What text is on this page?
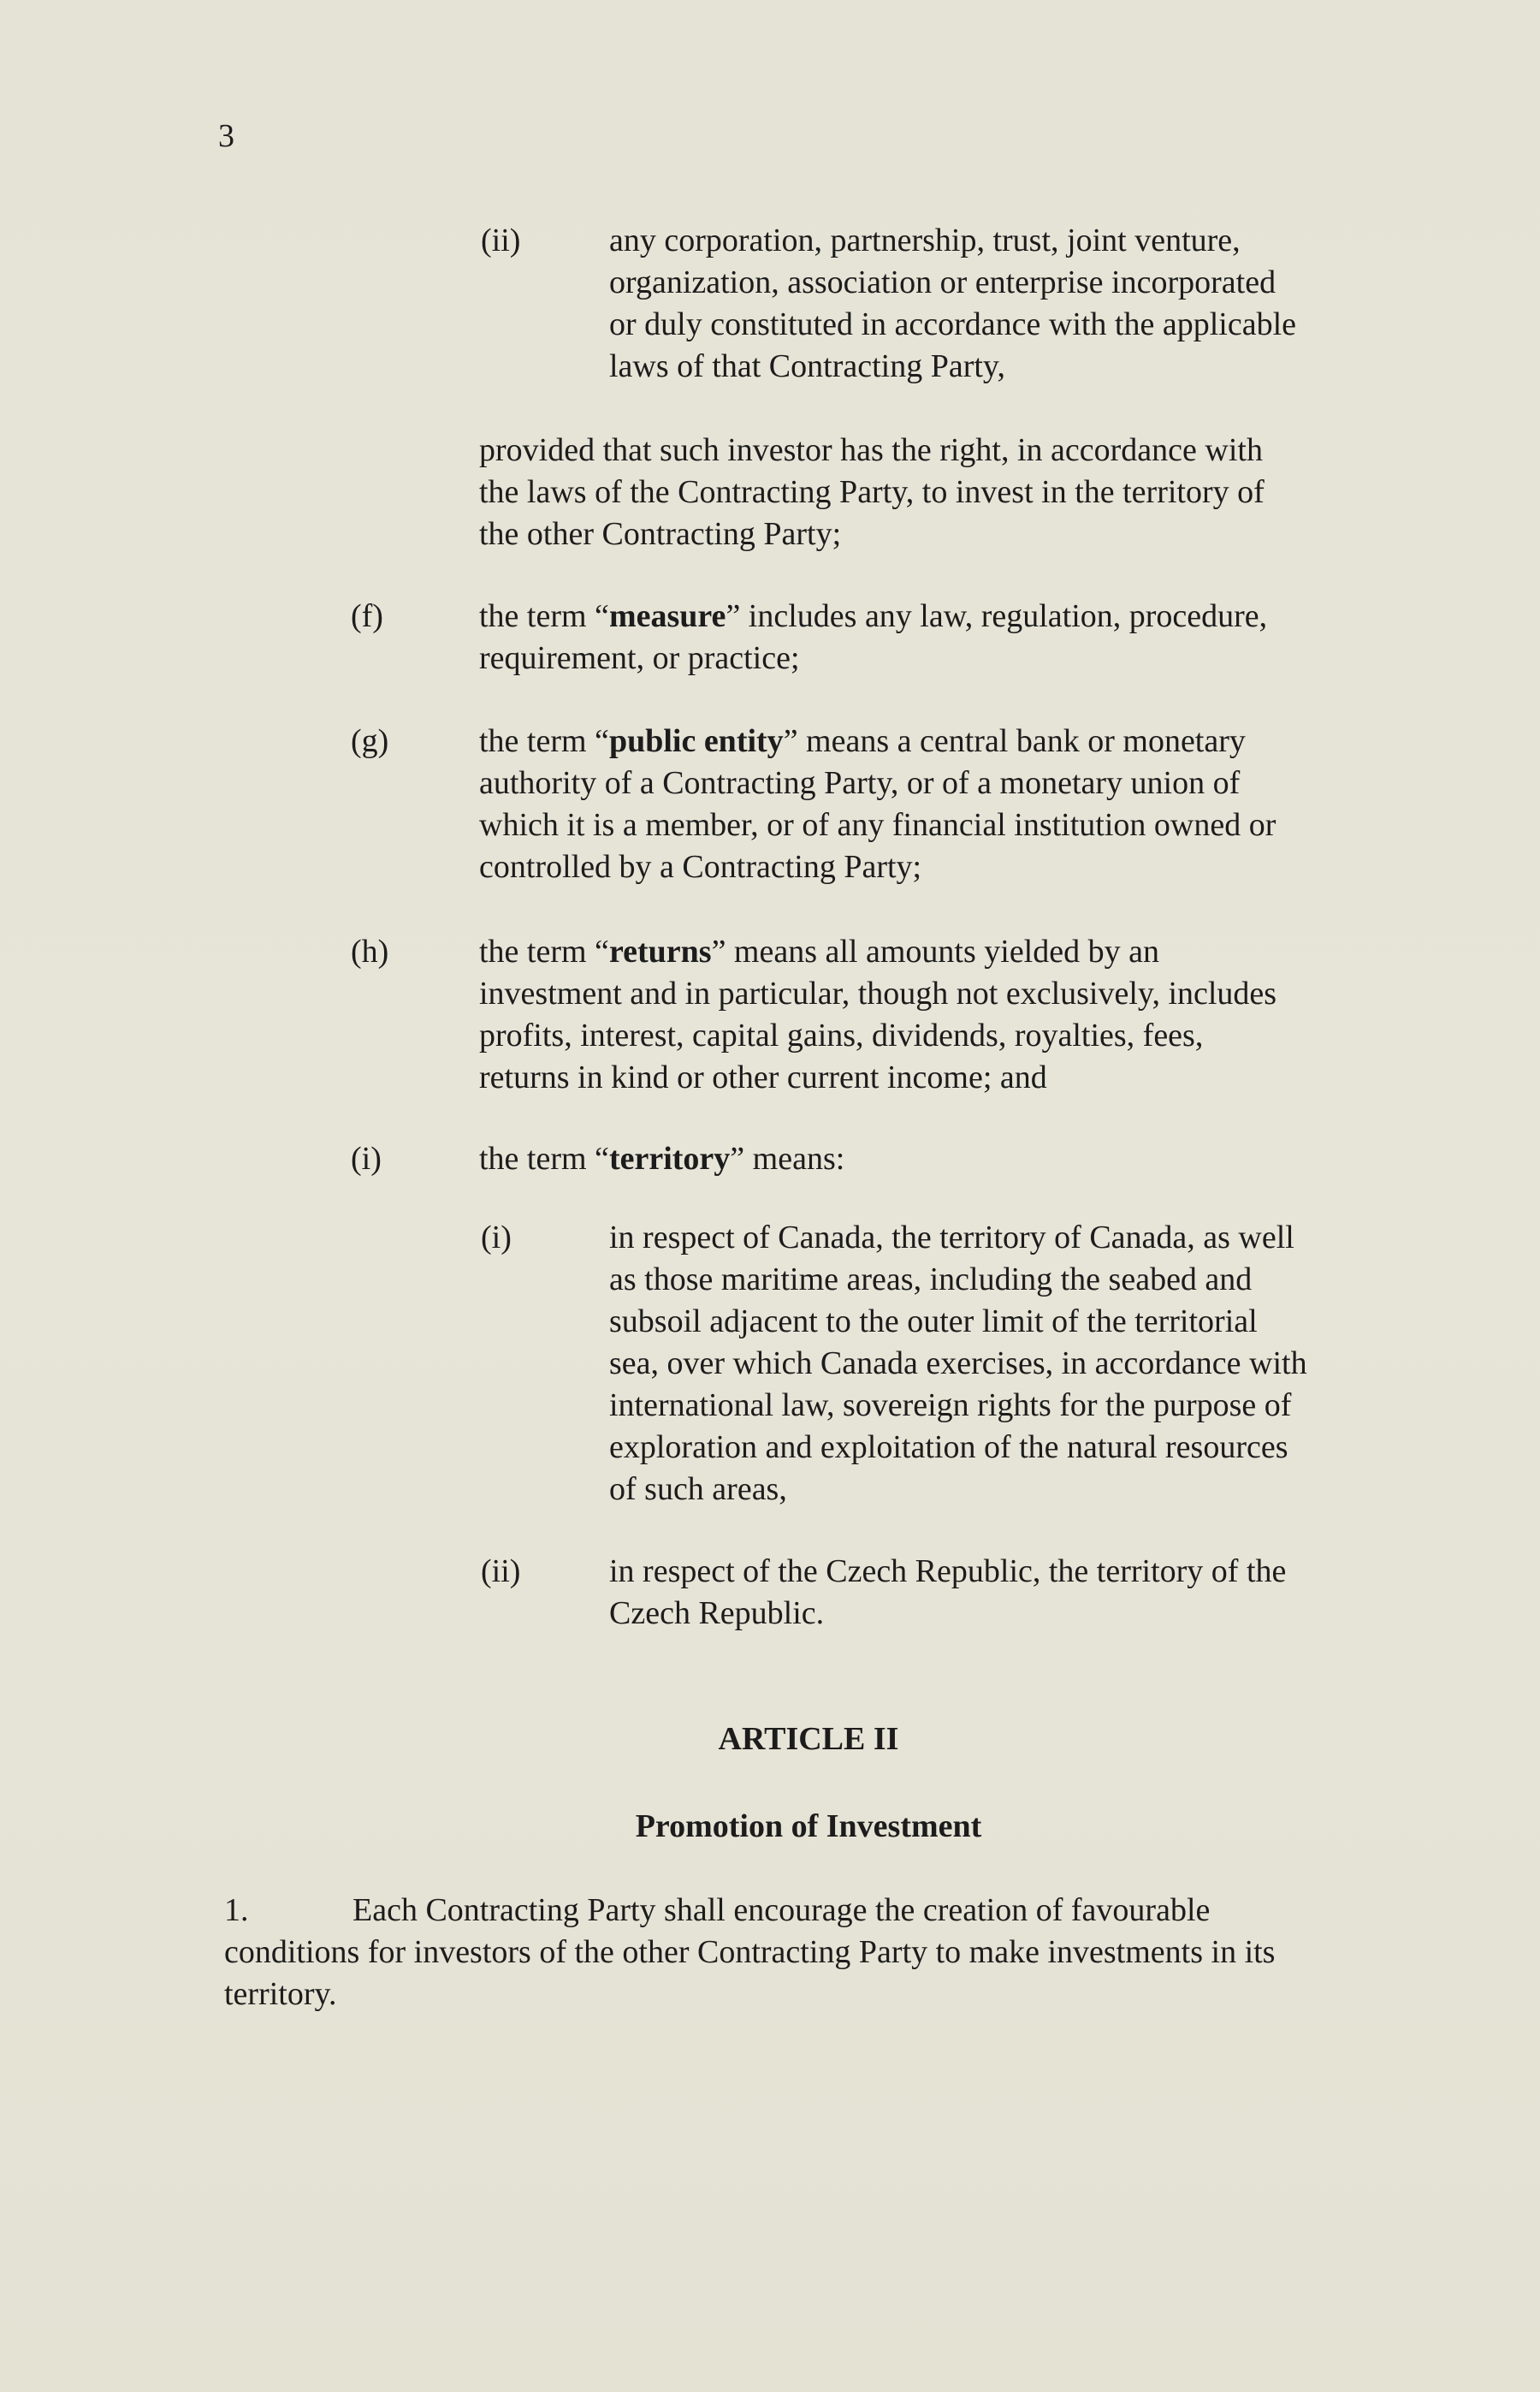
3

(ii)	any corporation, partnership, trust, joint venture,
organization, association or enterprise incorporated
or duly constituted in accordance with the applicable
laws of that Contracting Party,
provided that such investor has the right, in accordance with
the laws of the Contracting Party, to invest in the territory of
the other Contracting Party;

(f)	the term “measure” includes any law, regulation, procedure,
requirement, or practice;

(g)	the term “public entity” means a central bank or monetary
authority of a Contracting Party, or of a monetary union of
which it is a member, or of any financial institution owned or
controlled by a Contracting Party;

(h)	the term “returns” means all amounts yielded by an
investment and in particular, though not exclusively, includes
profits, interest, capital gains, dividends, royalties, fees,
returns in kind or other current income; and

(i)	the term “territory” means:

(i)	in respect of Canada, the territory of Canada, as well
as those maritime areas, including the seabed and
subsoil adjacent to the outer limit of the territorial
sea, over which Canada exercises, in accordance with
international law, sovereign rights for the purpose of
exploration and exploitation of the natural resources
of such areas,

(ii)	in respect of the Czech Republic, the territory of the
Czech Republic.

ARTICLE II

Promotion of Investment

1.	Each Contracting Party shall encourage the creation of favourable
conditions for investors of the other Contracting Party to make investments in its
territory.
